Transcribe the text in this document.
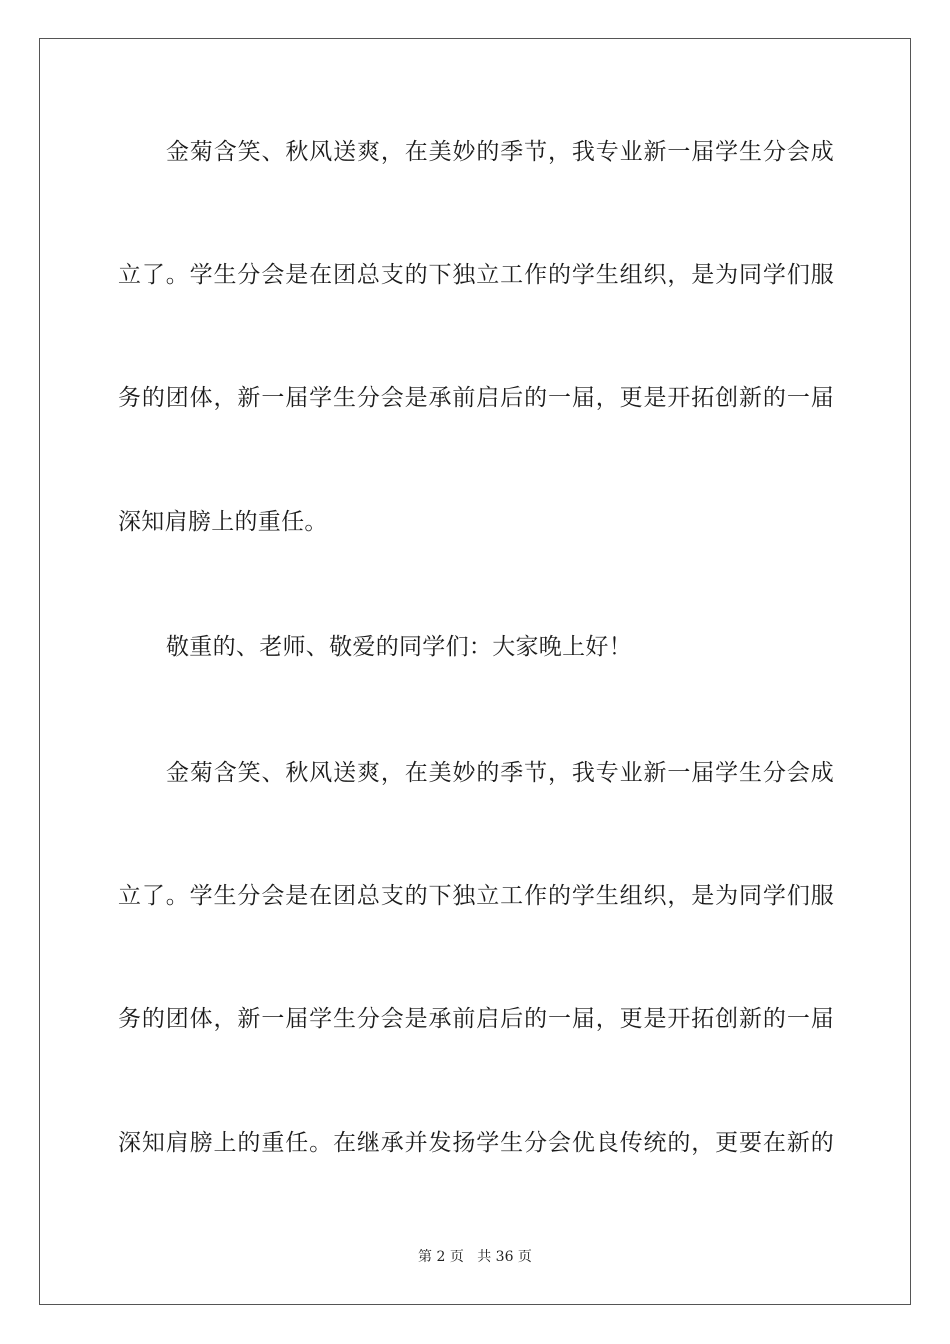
金菊含笑、秋风送爽，在美妙的季节，我专业新一届学生分会成
立了。学生分会是在团总支的下独立工作的学生组织，是为同学们服
务的团体，新一届学生分会是承前启后的一届，更是开拓创新的一届
深知肩膀上的重任。
敬重的、老师、敬爱的同学们：大家晚上好！
金菊含笑、秋风送爽，在美妙的季节，我专业新一届学生分会成
立了。学生分会是在团总支的下独立工作的学生组织，是为同学们服
务的团体，新一届学生分会是承前启后的一届，更是开拓创新的一届
深知肩膀上的重任。在继承并发扬学生分会优良传统的，更要在新的
第 2 页 共 36 页
